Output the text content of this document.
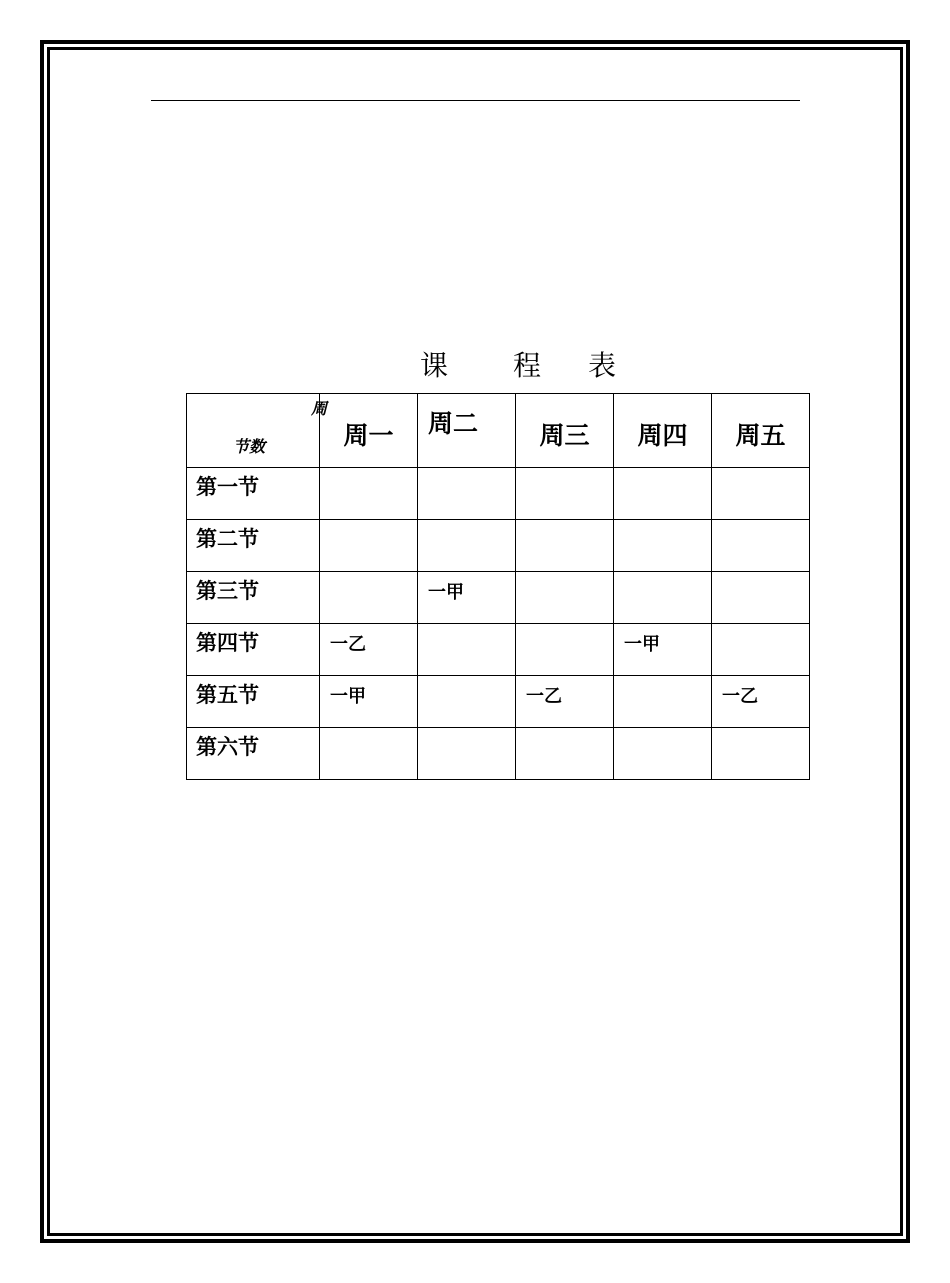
课 程 表
周
节数	周一	周二	周三	周四	周五

第一节					
第二节					
第三节		一甲			
第四节	一乙			一甲	
第五节	一甲		一乙		一乙
第六节					
